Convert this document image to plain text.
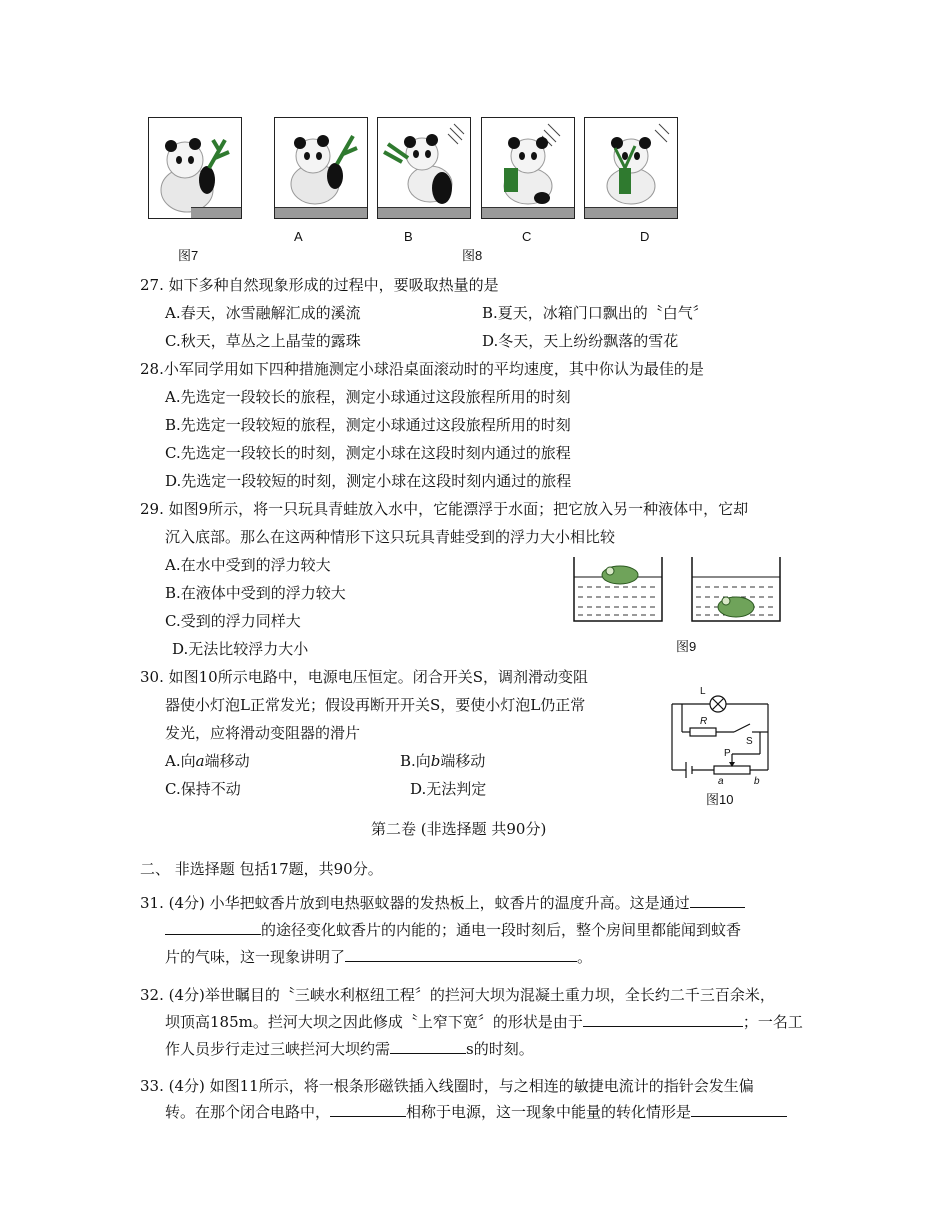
图7
A	B
图8
C	D
27. 如下多种自然现象形成的过程中，要吸取热量的是
A.春天，冰雪融解汇成的溪流	B.夏天，冰箱门口飘出的〝白气〞
C.秋天，草丛之上晶莹的露珠	D.冬天，天上纷纷飘落的雪花
28.小军同学用如下四种措施测定小球沿桌面滚动时的平均速度，其中你认为最佳的是
A.先选定一段较长的旅程，测定小球通过这段旅程所用的时刻
B.先选定一段较短的旅程，测定小球通过这段旅程所用的时刻
C.先选定一段较长的时刻，测定小球在这段时刻内通过的旅程
D.先选定一段较短的时刻，测定小球在这段时刻内通过的旅程
29. 如图9所示，将一只玩具青蛙放入水中，它能漂浮于水面；把它放入另一种液体中，它却
沉入底部。那么在这两种情形下这只玩具青蛙受到的浮力大小相比较
A.在水中受到的浮力较大
B.在液体中受到的浮力较大
C.受到的浮力同样大
D.无法比较浮力大小	图9
30. 如图10所示电路中，电源电压恒定。闭合开关S，调剂滑动变阻
器使小灯泡L正常发光；假设再断开开关S，要使小灯泡L仍正常
发光，应将滑动变阻器的滑片
A.向a端移动	B.向b端移动
C.保持不动	D.无法判定
L
R
S
P
a	b
图10
第二卷 (非选择题 共90分)
二、 非选择题 包括17题，共90分。
31. (4分) 小华把蚊香片放到电热驱蚊器的发热板上，蚊香片的温度升高。这是通过
的途径变化蚊香片的内能的；通电一段时刻后，整个房间里都能闻到蚊香
片的气味，这一现象讲明了	。
32. (4分)举世瞩目的〝三峡水利枢纽工程〞的拦河大坝为混凝土重力坝，全长约二千三百余米，
坝顶高185m。拦河大坝之因此修成〝上窄下宽〞的形状是由于	；一名工
作人员步行走过三峡拦河大坝约需	s的时刻。
33. (4分) 如图11所示，将一根条形磁铁插入线圈时，与之相连的敏捷电流计的指针会发生偏
转。在那个闭合电路中，	相称于电源，这一现象中能量的转化情形是
